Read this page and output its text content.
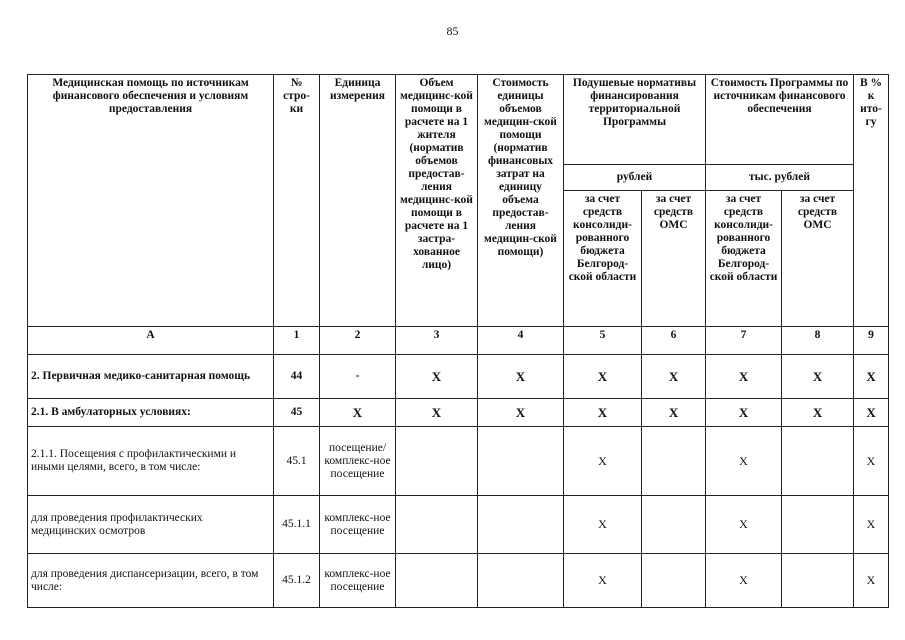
85
Медицинская помощь по источникам финансового обеспечения и условиям предоставления	№ стро-ки	Единица измерения	Объем медицинс-кой помощи в расчете на 1 жителя (норматив объемов предостав-ления медицинс-кой помощи в расчете на 1 застра-хованное лицо)	Стоимость единицы объемов медицин-ской помощи (норматив финансовых затрат на единицу объема предостав-ления медицин-ской помощи)	Подушевые нормативы финансирования территориальной Программы		Стоимость Программы по источникам финансового обеспечения		В % к ито-гу
					рублей		тыс. рублей		
					за счет средств консолиди-рованного бюджета Белгород-ской области	за счет средств ОМС	за счет средств консолиди-рованного бюджета Белгород-ской области	за счет средств ОМС	
А	1	2	3	4	5	6	7	8	9
2. Первичная медико-санитарная помощь	44	-	Х	Х	Х	Х	Х	Х	Х
2.1. В амбулаторных условиях:	45	Х	Х	Х	Х	Х	Х	Х	Х
2.1.1. Посещения с профилактическими и иными целями, всего, в том числе:	45.1	посещение/ комплекс-ное посещение			Х		Х		Х
для проведения профилактических медицинских осмотров	45.1.1	комплекс-ное посещение			Х		Х		Х
для проведения диспансеризации, всего, в том числе:	45.1.2	комплекс-ное посещение			Х		Х		Х
